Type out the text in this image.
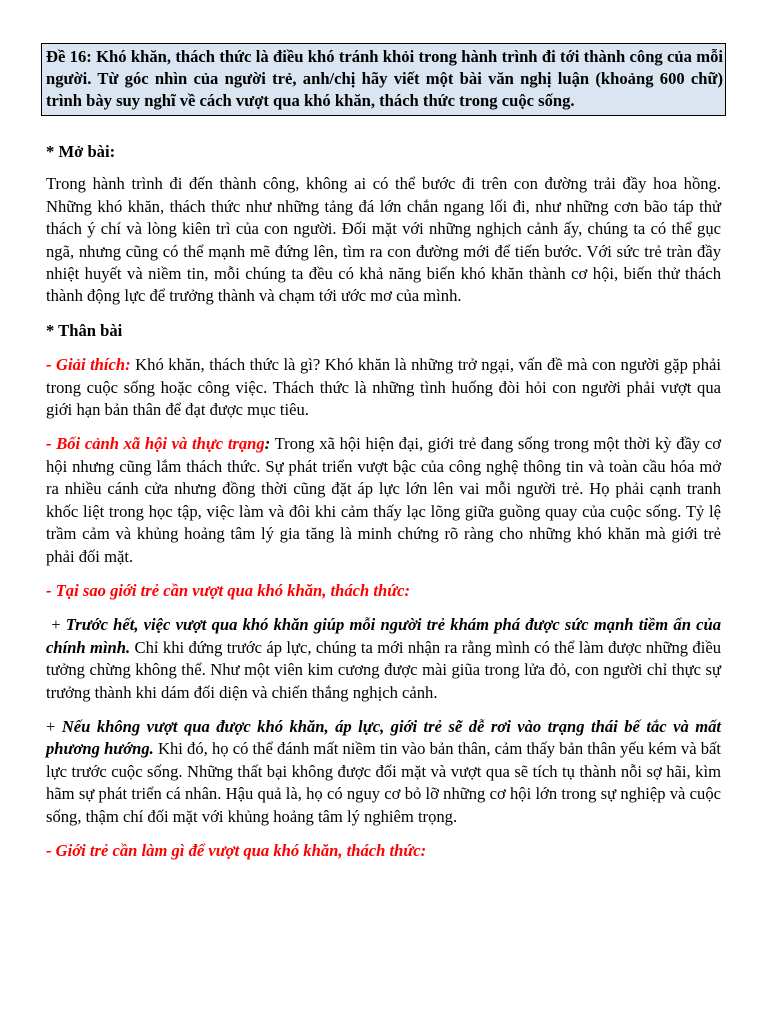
Đề 16: Khó khăn, thách thức là điều khó tránh khỏi trong hành trình đi tới thành công của mỗi người. Từ góc nhìn của người trẻ, anh/chị hãy viết một bài văn nghị luận (khoảng 600 chữ) trình bày suy nghĩ về cách vượt qua khó khăn, thách thức trong cuộc sống.

* Mở bài:

Trong hành trình đi đến thành công, không ai có thể bước đi trên con đường trải đầy hoa hồng. Những khó khăn, thách thức như những tảng đá lớn chắn ngang lối đi, như những cơn bão táp thử thách ý chí và lòng kiên trì của con người. Đối mặt với những nghịch cảnh ấy, chúng ta có thể gục ngã, nhưng cũng có thể mạnh mẽ đứng lên, tìm ra con đường mới để tiến bước. Với sức trẻ tràn đầy nhiệt huyết và niềm tin, mỗi chúng ta đều có khả năng biến khó khăn thành cơ hội, biến thử thách thành động lực để trưởng thành và chạm tới ước mơ của mình.

* Thân bài

- Giải thích: Khó khăn, thách thức là gì? Khó khăn là những trở ngại, vấn đề mà con người gặp phải trong cuộc sống hoặc công việc. Thách thức là những tình huống đòi hỏi con người phải vượt qua giới hạn bản thân để đạt được mục tiêu.

- Bối cảnh xã hội và thực trạng: Trong xã hội hiện đại, giới trẻ đang sống trong một thời kỳ đầy cơ hội nhưng cũng lắm thách thức. Sự phát triển vượt bậc của công nghệ thông tin và toàn cầu hóa mở ra nhiều cánh cửa nhưng đồng thời cũng đặt áp lực lớn lên vai mỗi người trẻ. Họ phải cạnh tranh khốc liệt trong học tập, việc làm và đôi khi cảm thấy lạc lõng giữa guồng quay của cuộc sống. Tỷ lệ trầm cảm và khủng hoảng tâm lý gia tăng là minh chứng rõ ràng cho những khó khăn mà giới trẻ phải đối mặt.

- Tại sao giới trẻ cần vượt qua khó khăn, thách thức:

+ Trước hết, việc vượt qua khó khăn giúp mỗi người trẻ khám phá được sức mạnh tiềm ẩn của chính mình. Chỉ khi đứng trước áp lực, chúng ta mới nhận ra rằng mình có thể làm được những điều tưởng chừng không thể. Như một viên kim cương được mài giũa trong lửa đỏ, con người chỉ thực sự trưởng thành khi dám đối diện và chiến thắng nghịch cảnh.

+ Nếu không vượt qua được khó khăn, áp lực, giới trẻ sẽ dễ rơi vào trạng thái bế tắc và mất phương hướng. Khi đó, họ có thể đánh mất niềm tin vào bản thân, cảm thấy bản thân yếu kém và bất lực trước cuộc sống. Những thất bại không được đối mặt và vượt qua sẽ tích tụ thành nỗi sợ hãi, kìm hãm sự phát triển cá nhân. Hậu quả là, họ có nguy cơ bỏ lỡ những cơ hội lớn trong sự nghiệp và cuộc sống, thậm chí đối mặt với khủng hoảng tâm lý nghiêm trọng.

- Giới trẻ cần làm gì để vượt qua khó khăn, thách thức:
